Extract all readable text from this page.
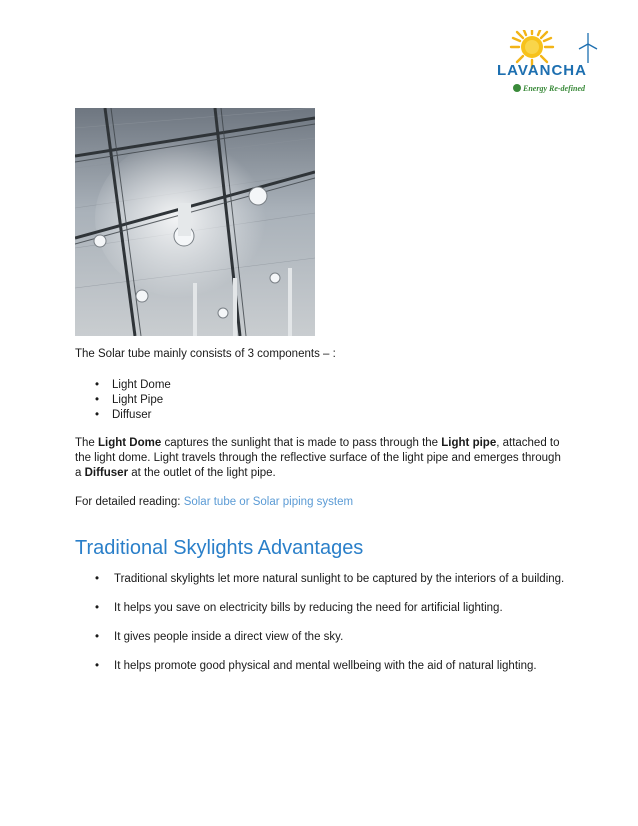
LAVANCHA
Energy Re-defined

The Solar tube mainly consists of 3 components – :

• Light Dome
• Light Pipe
• Diffuser

The Light Dome captures the sunlight that is made to pass through the Light pipe, attached to the light dome. Light travels through the reflective surface of the light pipe and emerges through a Diffuser at the outlet of the light pipe.

For detailed reading: Solar tube or Solar piping system

Traditional Skylights Advantages
• Traditional skylights let more natural sunlight to be captured by the interiors of a building.
• It helps you save on electricity bills by reducing the need for artificial lighting.
• It gives people inside a direct view of the sky.
• It helps promote good physical and mental wellbeing with the aid of natural lighting.
